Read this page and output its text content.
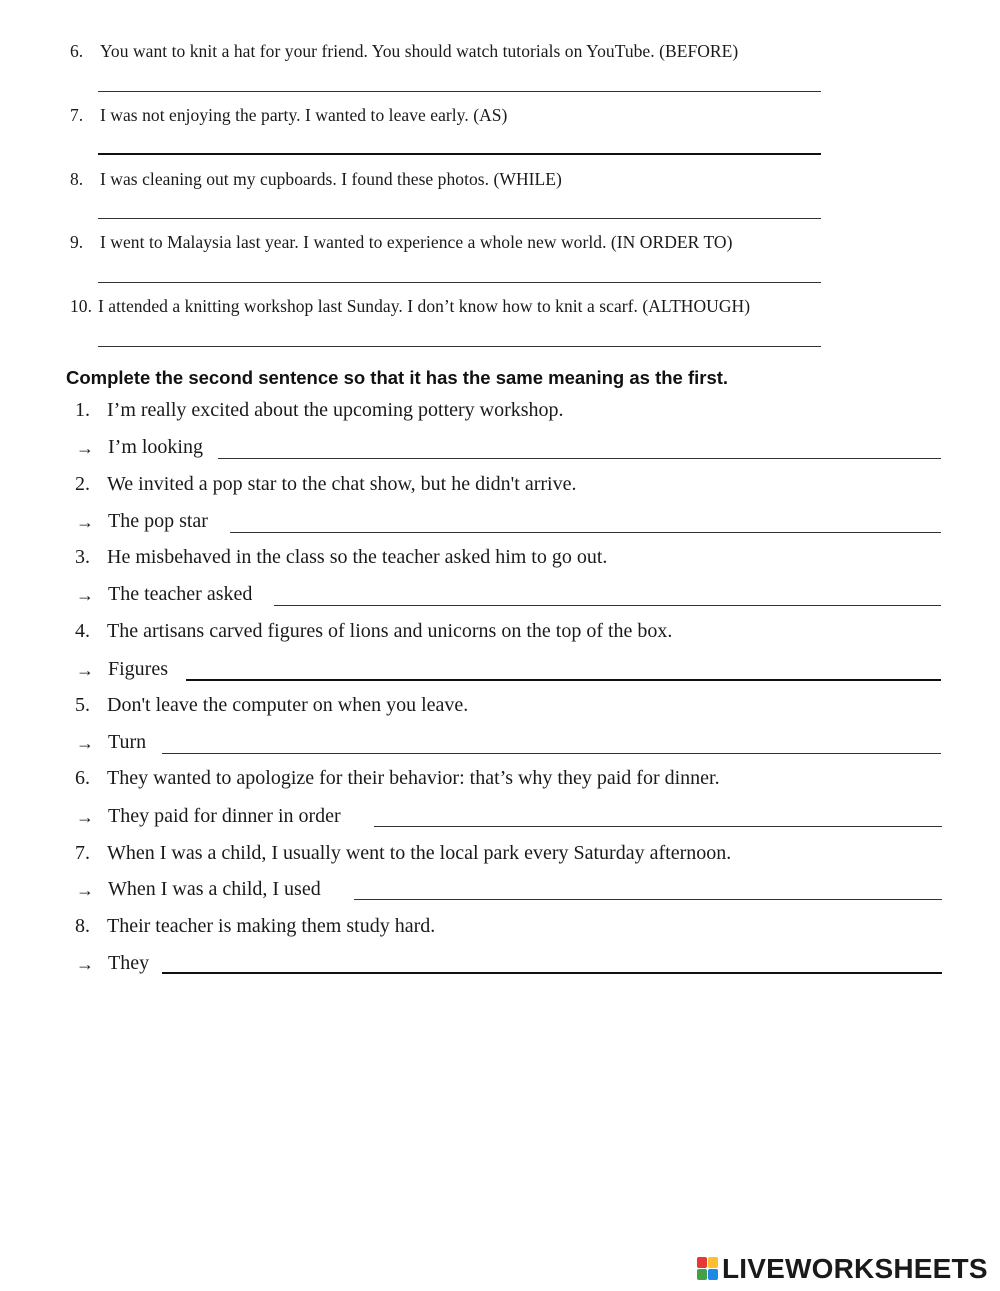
6. You want to knit a hat for your friend. You should watch tutorials on YouTube. (BEFORE)
7. I was not enjoying the party. I wanted to leave early. (AS)
8. I was cleaning out my cupboards. I found these photos. (WHILE)
9. I went to Malaysia last year. I wanted to experience a whole new world. (IN ORDER TO)
10. I attended a knitting workshop last Sunday. I don’t know how to knit a scarf. (ALTHOUGH)
Complete the second sentence so that it has the same meaning as the first.
1. I’m really excited about the upcoming pottery workshop.
→ I’m looking
2. We invited a pop star to the chat show, but he didn't arrive.
→ The pop star
3. He misbehaved in the class so the teacher asked him to go out.
→ The teacher asked
4. The artisans carved figures of lions and unicorns on the top of the box.
→ Figures
5. Don't leave the computer on when you leave.
→ Turn
6. They wanted to apologize for their behavior: that’s why they paid for dinner.
→ They paid for dinner in order
7. When I was a child, I usually went to the local park every Saturday afternoon.
→ When I was a child, I used
8. Their teacher is making them study hard.
→ They
LIVEWORKSHEETS
